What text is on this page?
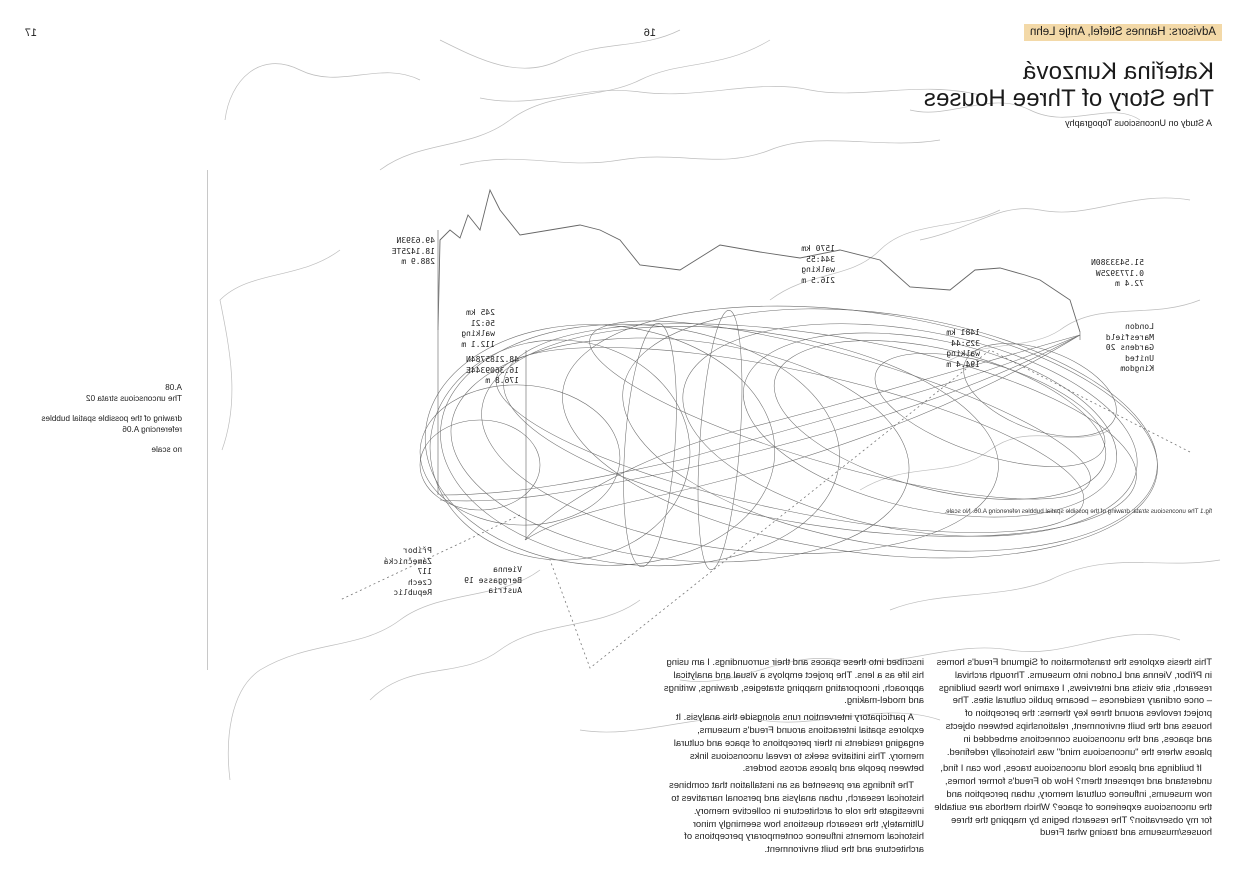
16
17	Advisors: Hannes Stiefel, Antje Lehn
Kateřina Kunzová
The Story of Three Houses
A Study on Unconscious Topography
fig.1 The unconscious strata: drawing of the possible spatial bubbles referencing A.06. No scale.
51.5433380N
0.1773925W
72.4 m
London
Maresfield
Gardens 20
United
Kingdom
1570 km
344:55
walking
216.5 m
1481 km
325:44
walking
194.4 m
49.6393N
18.1425TE
288.9 m
245 km
56:21
walking
112.1 m
48.2185784N
16.3609344E
176.8 m
Příbor
Zámečnická
117
Czech
Republic
Vienna
Berggasse 19
Austria

A.08
The unconscious strata 02

drawing of the possible spatial bubbles referencing A.06

no scale

This thesis explores the transformation of Sigmund Freud's homes in Příbor, Vienna and London into museums. Through archival research, site visits and interviews, I examine how these buildings – once ordinary residences – became public cultural sites. The project revolves around three key themes: the perception of houses and the built environment, relationships between objects and spaces, and the unconscious connections embedded in places where the "unconscious mind" was historically redefined.

If buildings and places hold unconscious traces, how can I find, understand and represent them? How do Freud's former homes, now museums, influence cultural memory, urban perception and the unconscious experience of space? Which methods are suitable for my observation? The research begins by mapping the three houses/museums and tracing what Freud

inscribed into these spaces and their surroundings. I am using his life as a lens. The project employs a visual and analytical approach, incorporating mapping strategies, drawings, writings and model-making.

A participatory intervention runs alongside this analysis. It explores spatial interactions around Freud's museums, engaging residents in their perceptions of space and cultural memory. This initiative seeks to reveal unconscious links between people and places across borders.

The findings are presented as an installation that combines historical research, urban analysis and personal narratives to investigate the role of architecture in collective memory. Ultimately, the research questions how seemingly minor historical moments influence contemporary perceptions of architecture and the built environment.
